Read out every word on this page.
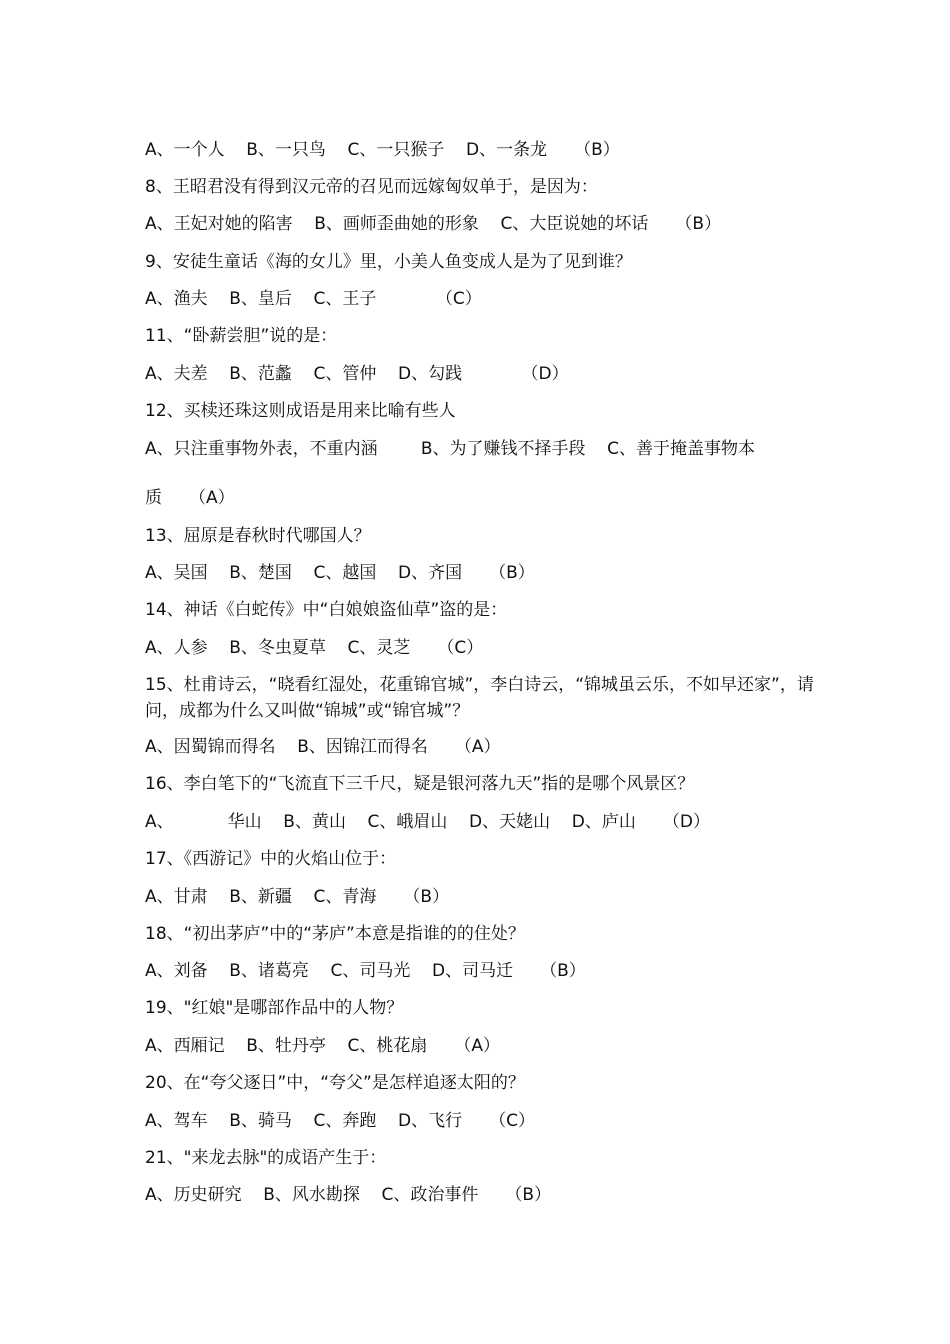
A、一个人    B、一只鸟    C、一只猴子    D、一条龙     （B）
8、王昭君没有得到汉元帝的召见而远嫁匈奴单于，是因为：
A、王妃对她的陷害    B、画师歪曲她的形象    C、大臣说她的坏话     （B）
9、安徒生童话《海的女儿》里，小美人鱼变成人是为了见到谁？
A、渔夫    B、皇后    C、王子           （C）
11、“卧薪尝胆”说的是：
A、夫差    B、范蠡    C、管仲    D、勾践           （D）
12、买椟还珠这则成语是用来比喻有些人
A、只注重事物外表，不重内涵        B、为了赚钱不择手段    C、善于掩盖事物本
质     （A）
13、屈原是春秋时代哪国人？
A、吴国    B、楚国    C、越国    D、齐国     （B）
14、神话《白蛇传》中“白娘娘盗仙草”盗的是：
A、人参    B、冬虫夏草    C、灵芝     （C）
15、杜甫诗云，“晓看红湿处，花重锦官城”，李白诗云，“锦城虽云乐，不如早还家”，请问，成都为什么又叫做“锦城”或“锦官城”？
A、因蜀锦而得名    B、因锦江而得名     （A）
16、李白笔下的“飞流直下三千尺，疑是银河落九天”指的是哪个风景区？
A、          华山    B、黄山    C、峨眉山    D、天姥山    D、庐山     （D）
17、《西游记》中的火焰山位于：
A、甘肃    B、新疆    C、青海     （B）
18、“初出茅庐”中的“茅庐”本意是指谁的的住处？
A、刘备    B、诸葛亮    C、司马光    D、司马迁     （B）
19、"红娘"是哪部作品中的人物？
A、西厢记    B、牡丹亭    C、桃花扇     （A）
20、在“夸父逐日”中，“夸父”是怎样追逐太阳的？
A、驾车    B、骑马    C、奔跑    D、飞行     （C）
21、"来龙去脉"的成语产生于：
A、历史研究    B、风水勘探    C、政治事件     （B）
